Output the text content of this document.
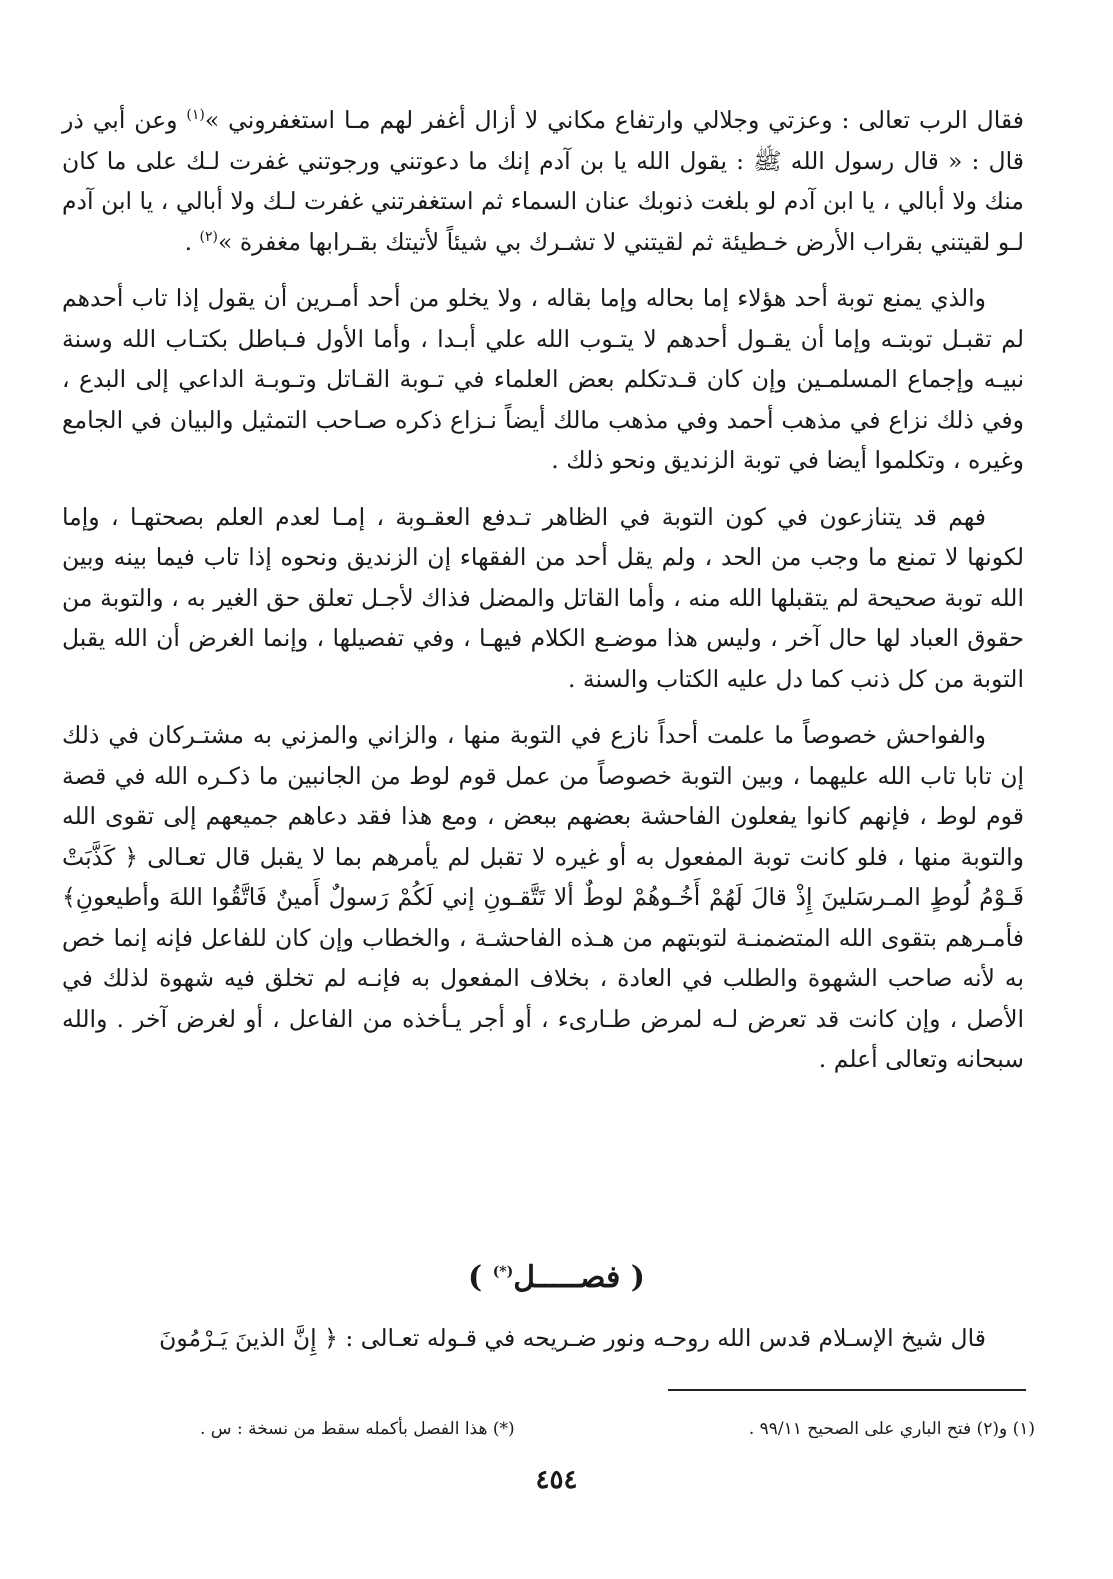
فقال الرب تعالى : وعزتي وجلالي وارتفاع مكاني لا أزال أغفر لهم مـا استغفروني »$^{(١)}$ وعن أبي ذر قال : « قال رسول الله ﷺ : يقول الله يا بن آدم إنك ما دعوتني ورجوتني غفرت لـك على ما كان منك ولا أبالي ، يا ابن آدم لو بلغت ذنوبك عنان السماء ثم استغفرتني غفرت لـك ولا أبالي ، يا ابن آدم لـو لقيتني بقراب الأرض خـطيئة ثم لقيتني لا تشـرك بي شيئاً لأتيتك بقـرابها مغفرة »$^{(٢)}$ .

والذي يمنع توبة أحد هؤلاء إما بحاله وإما بقاله ، ولا يخلو من أحد أمـرين أن يقول إذا تاب أحدهم لم تقبـل توبتـه وإما أن يقـول أحدهم لا يتـوب الله علي أبـدا ، وأما الأول فـباطل بكتـاب الله وسنة نبيـه وإجماع المسلمـين وإن كان قـدتكلم بعض العلماء في تـوبة القـاتل وتـوبـة الداعي إلى البدع ، وفي ذلك نزاع في مذهب أحمد وفي مذهب مالك أيضاً نـزاع ذكره صـاحب التمثيل والبيان في الجامع وغيره ، وتكلموا أيضا في توبة الزنديق ونحو ذلك .

فهم قد يتنازعون في كون التوبة في الظاهر تـدفع العقـوبة ، إمـا لعدم العلم بصحتهـا ، وإما لكونها لا تمنع ما وجب من الحد ، ولم يقل أحد من الفقهاء إن الزنديق ونحوه إذا تاب فيما بينه وبين الله توبة صحيحة لم يتقبلها الله منه ، وأما القاتل والمضل فذاك لأجـل تعلق حق الغير به ، والتوبة من حقوق العباد لها حال آخر ، وليس هذا موضـع الكلام فيهـا ، وفي تفصيلها ، وإنما الغرض أن الله يقبل التوبة من كل ذنب كما دل عليه الكتاب والسنة .

والفواحش خصوصاً ما علمت أحداً نازع في التوبة منها ، والزاني والمزني به مشتـركان في ذلك إن تابا تاب الله عليهما ، وبين التوبة خصوصاً من عمل قوم لوط من الجانبين ما ذكـره الله في قصة قوم لوط ، فإنهم كانوا يفعلون الفاحشة بعضهم ببعض ، ومع هذا فقد دعاهم جميعهم إلى تقوى الله والتوبة منها ، فلو كانت توبة المفعول به أو غيره لا تقبل لم يأمرهم بما لا يقبل قال تعـالى ﴿ كَذَّبَتْ قَـوْمُ لُوطٍ المـرسَلينَ إِذْ قالَ لَهُمْ أَخُـوهُمْ لوطٌ ألا تَتَّقـونِ إني لَكُمْ رَسولٌ أَمينٌ فَاتَّقُوا اللهَ وأطيعونِ﴾ فأمـرهم بتقوى الله المتضمنـة لتوبتهم من هـذه الفاحشـة ، والخطاب وإن كان للفاعل فإنه إنما خص به لأنه صاحب الشهوة والطلب في العادة ، بخلاف المفعول به فإنـه لم تخلق فيه شهوة لذلك في الأصل ، وإن كانت قد تعرض لـه لمرض طـارىء ، أو أجر يـأخذه من الفاعل ، أو لغرض آخر . والله سبحانه وتعالى أعلم .

( فصـــــل(*) )

قال شيخ الإسـلام قدس الله روحـه ونور ضـريحه في قـوله تعـالى : ﴿ إِنَّ الذينَ يَـرْمُونَ

(١) و(٢) فتح الباري على الصحيح ٩٩/١١ .
(*) هذا الفصل بأكمله سقط من نسخة : س .
٤٥٤
